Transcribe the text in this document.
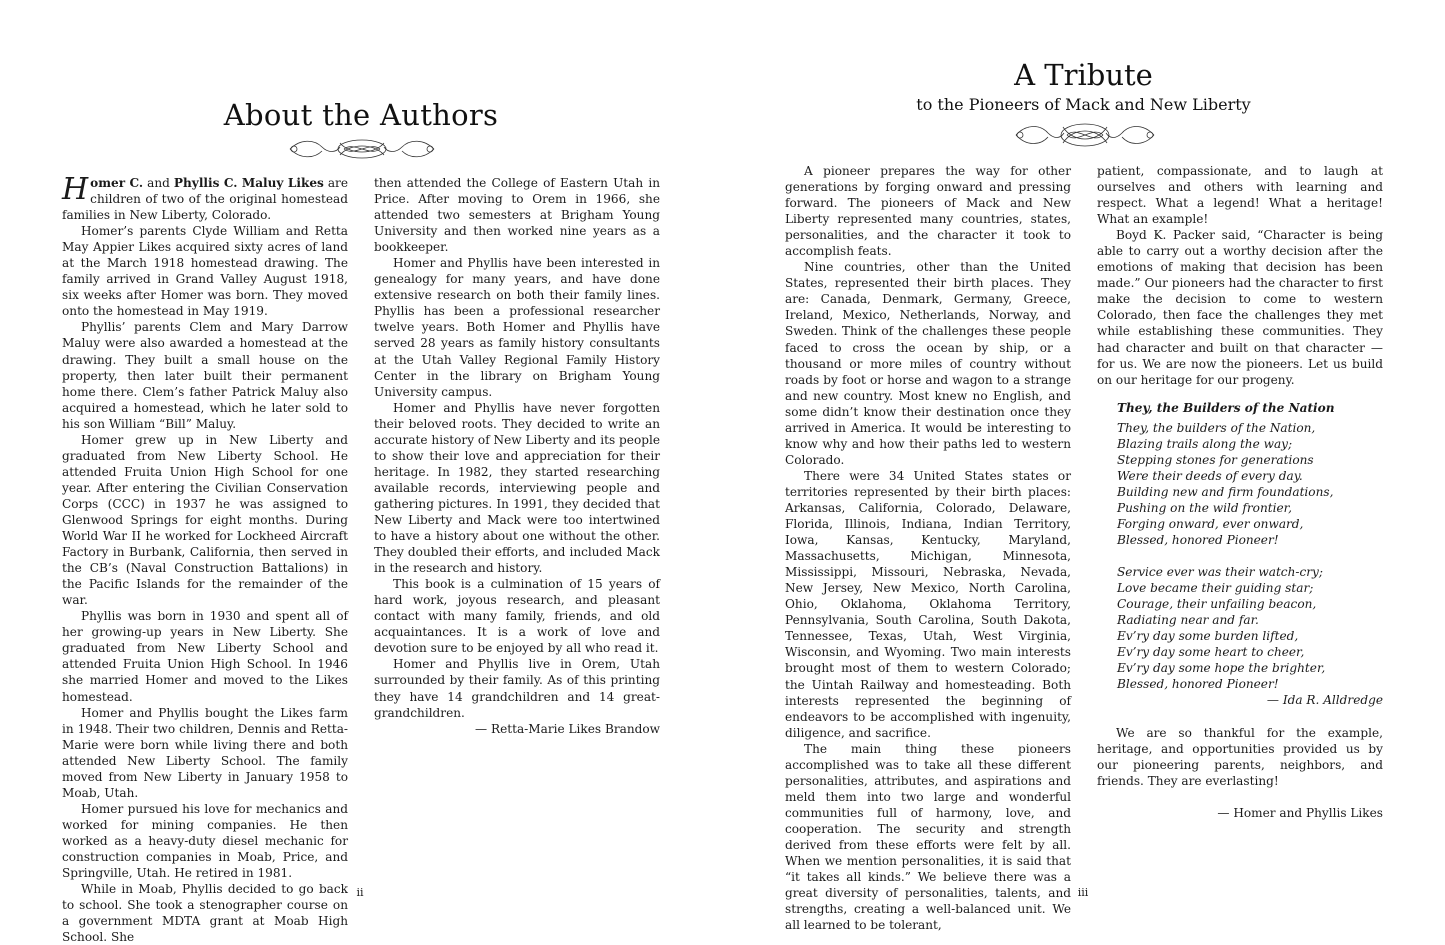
About the Authors

Homer C. and Phyllis C. Maluy Likes are children of two of the original homestead families in New Liberty, Colorado.

Homer’s parents Clyde William and Retta May Appier Likes acquired sixty acres of land at the March 1918 homestead drawing. The family arrived in Grand Valley August 1918, six weeks after Homer was born. They moved onto the homestead in May 1919.

Phyllis’ parents Clem and Mary Darrow Maluy were also awarded a homestead at the drawing. They built a small house on the property, then later built their permanent home there. Clem’s father Patrick Maluy also acquired a homestead, which he later sold to his son William “Bill” Maluy.

Homer grew up in New Liberty and graduated from New Liberty School. He attended Fruita Union High School for one year. After entering the Civilian Conservation Corps (CCC) in 1937 he was assigned to Glenwood Springs for eight months. During World War II he worked for Lockheed Aircraft Factory in Burbank, California, then served in the CB’s (Naval Construction Battalions) in the Pacific Islands for the remainder of the war.

Phyllis was born in 1930 and spent all of her growing-up years in New Liberty. She graduated from New Liberty School and attended Fruita Union High School. In 1946 she married Homer and moved to the Likes homestead.

Homer and Phyllis bought the Likes farm in 1948. Their two children, Dennis and Retta-Marie were born while living there and both attended New Liberty School. The family moved from New Liberty in January 1958 to Moab, Utah.

Homer pursued his love for mechanics and worked for mining companies. He then worked as a heavy-duty diesel mechanic for construction companies in Moab, Price, and Springville, Utah. He retired in 1981.

While in Moab, Phyllis decided to go back to school. She took a stenographer course on a government MDTA grant at Moab High School. She

then attended the College of Eastern Utah in Price. After moving to Orem in 1966, she attended two semesters at Brigham Young University and then worked nine years as a bookkeeper.

Homer and Phyllis have been interested in genealogy for many years, and have done extensive research on both their family lines. Phyllis has been a professional researcher twelve years. Both Homer and Phyllis have served 28 years as family history consultants at the Utah Valley Regional Family History Center in the library on Brigham Young University campus.

Homer and Phyllis have never forgotten their beloved roots. They decided to write an accurate history of New Liberty and its people to show their love and appreciation for their heritage. In 1982, they started researching available records, interviewing people and gathering pictures. In 1991, they decided that New Liberty and Mack were too intertwined to have a history about one without the other. They doubled their efforts, and included Mack in the research and history.

This book is a culmination of 15 years of hard work, joyous research, and pleasant contact with many family, friends, and old acquaintances. It is a work of love and devotion sure to be enjoyed by all who read it.

Homer and Phyllis live in Orem, Utah surrounded by their family. As of this printing they have 14 grandchildren and 14 great-grandchildren.

— Retta-Marie Likes Brandow

ii
A Tribute
to the Pioneers of Mack and New Liberty

A pioneer prepares the way for other generations by forging onward and pressing forward. The pioneers of Mack and New Liberty represented many countries, states, personalities, and the character it took to accomplish feats.

Nine countries, other than the United States, represented their birth places. They are: Canada, Denmark, Germany, Greece, Ireland, Mexico, Netherlands, Norway, and Sweden. Think of the challenges these people faced to cross the ocean by ship, or a thousand or more miles of country without roads by foot or horse and wagon to a strange and new country. Most knew no English, and some didn’t know their destination once they arrived in America. It would be interesting to know why and how their paths led to western Colorado.

There were 34 United States states or territories represented by their birth places: Arkansas, California, Colorado, Delaware, Florida, Illinois, Indiana, Indian Territory, Iowa, Kansas, Kentucky, Maryland, Massachusetts, Michigan, Minnesota, Mississippi, Missouri, Nebraska, Nevada, New Jersey, New Mexico, North Carolina, Ohio, Oklahoma, Oklahoma Territory, Pennsylvania, South Carolina, South Dakota, Tennessee, Texas, Utah, West Virginia, Wisconsin, and Wyoming. Two main interests brought most of them to western Colorado; the Uintah Railway and homesteading. Both interests represented the beginning of endeavors to be accomplished with ingenuity, diligence, and sacrifice.

The main thing these pioneers accomplished was to take all these different personalities, attributes, and aspirations and meld them into two large and wonderful communities full of harmony, love, and cooperation. The security and strength derived from these efforts were felt by all. When we mention personalities, it is said that “it takes all kinds.” We believe there was a great diversity of personalities, talents, and strengths, creating a well-balanced unit. We all learned to be tolerant,

patient, compassionate, and to laugh at ourselves and others with learning and respect. What a legend! What a heritage! What an example!

Boyd K. Packer said, “Character is being able to carry out a worthy decision after the emotions of making that decision has been made.” Our pioneers had the character to first make the decision to come to western Colorado, then face the challenges they met while establishing these communities. They had character and built on that character — for us. We are now the pioneers. Let us build on our heritage for our progeny.

They, the Builders of the Nation

They, the builders of the Nation,
Blazing trails along the way;
Stepping stones for generations
Were their deeds of every day.
Building new and firm foundations,
Pushing on the wild frontier,
Forging onward, ever onward,
Blessed, honored Pioneer!
Service ever was their watch-cry;
Love became their guiding star;
Courage, their unfailing beacon,
Radiating near and far.
Ev’ry day some burden lifted,
Ev’ry day some heart to cheer,
Ev’ry day some hope the brighter,
Blessed, honored Pioneer!
— Ida R. Alldredge

We are so thankful for the example, heritage, and opportunities provided us by our pioneering parents, neighbors, and friends. They are everlasting!

— Homer and Phyllis Likes

iii
